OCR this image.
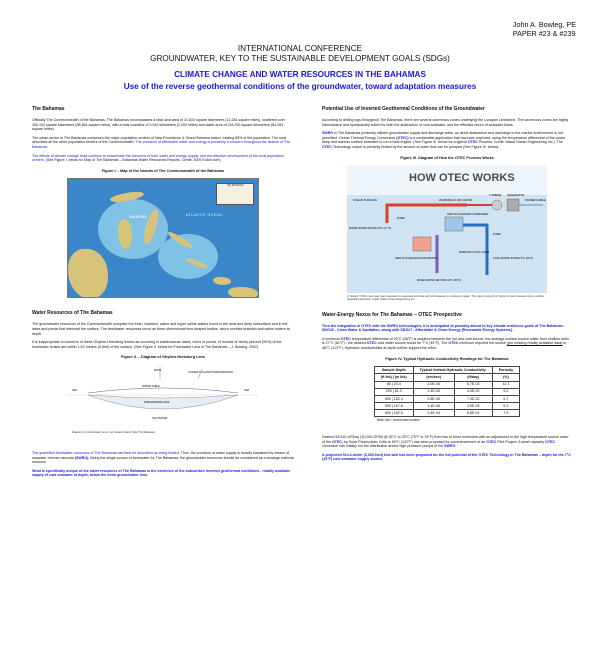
John A. Bowleg, PE
PAPER #23 & #239
INTERNATIONAL CONFERENCE
GROUNDWATER, KEY TO THE SUSTAINABLE DEVELOPMENT GOALS (SDGs)
CLIMATE CHANGE AND WATER RESOURCES IN THE BAHAMAS
Use of the reverse geothermal conditions of the groundwater, toward adaptation measures
The Bahamas

Officially The Commonwealth of the Bahamas, The Bahamas encompasses a total land area of 31,810 square kilometers (12,281 square miles), scattered over 250,102 square kilometers (96,564 square miles), with a total coastline of 3,542 kilometers (2,200 miles) and water area of 218,292 square kilometers (84,283 square miles).

The urban sector in The Bahamas comprises the major population centers of New Providence & Grand Bahama Island, totaling 85% of the population. The rural describes all the other population centers of the Commonwealth. The provision of affordable water and energy is presently a concern throughout the islands of The Bahamas.

The effects of climate change shall continue to exacerbate the concerns of both water and energy supply, and the effective development of the rural population centers. (See Figure I. below for Map of The Bahamas – Bahamas Water Resources Reports, Credit: 2009 Eolon.com).

Figure I. - Map of the Islands of The Commonwealth of the Bahamas
ATLANTIC OCEAN
NASSAU
THE BAHAMAS
Water Resources of The Bahamas

The groundwater resources of the Commonwealth comprise the fresh, brackish, saline and hyper saline waters found in the near and deep subsurface and in the lakes and ponds that intercept the surface. The freshwater resources occur as three-dimensional lens-shaped bodies, which overlies brackish and saline waters at depth.

It is inappropriate to conceive of these Ghyben-Hertzberg lenses as occurring in subterranean lakes, rivers or ponds. In excess of ninety percent (90%) of the freshwater lenses are within 1.52-meters (5-feet) of the surface. (See Figure II. below for Freshwater Lens in The Bahamas – J. Bowleg, 2002).

Figure II. – Diagram of Ghyben-Hertzberg Lens
RAIN
LOSSES TO EVAPOTRANSPIRATION
WATER TABLE
FRESHWATER LENS
SALTWATER
SEA	SEA
Diagram of a Freshwater Lens in an Oceanic Island (Like The Bahamas)

The quantified freshwater resources of The Bahamas can best be described as being limited. Thus, the provision of water supply is heavily sustained by means of seawater reverse osmosis (SWRO). Being the single source of freshwater for The Bahamas, the groundwater resources should be considered as a strategic national resource.

What is specifically unique of the water resources of The Bahamas is the existence of the subsurface inverted geothermal conditions - readily available supply of cold seawater at depth, below the fresh groundwater lens.

Potential Use of Inverted Geothermal Conditions of the Groundwater

According to drilling logs throughout The Bahamas, there are several cavernous zones underlying the Lucayan Limestone. The cavernous zones are highly transmissive and hydraulically suited for both the abstraction of cold seawater, and the effective return of seawater flows.

SWRO in The Bahamas presently utilizes groundwater supply and discharge wells, as direct abstraction and discharge to the marine environment is not permitted. Ocean Thermal Energy Conversion (OTEC) is a sustainable application that has been explored, using the temperature differential of the cooler deep and warmer surface seawater to run a heat engine. (See Figure III. below for a typical OTEC Process; Credit: Makai Ocean Engineering Inc.). The OTEC Technology output is primarily limited by the amount of water that can be pumped (See Figure IV. below).

Figure III. Diagram of How the OTEC Process Works
HOW OTEC WORKS
WORKING FLUID VAPOR
TURBINE GENERATOR
POWER CABLE
OCEAN SURFACE
HEAT EXCHANGER CONDENSER
WARM WATER INTAKE 25°C (77°F)
PUMP
PUMP
HEAT EXCHANGER EVAPORATOR
WORKING FLUID LIQUID
COLD WATER INTAKE 5°C (41°F)
MIXED WATER RETURN 16°C (61°F)
A "closed" OTEC cycle uses warm seawater to evaporate ammonia and cold seawater to condense it again. The vapor moving from higher to lower pressure spins a turbine, generating electricity. Credit: Makai Ocean Engineering Inc.
Water-Energy Nexus for The Bahamas – OTEC Prospective

Thru the integration of OTEC with the SWRO technologies, it is anticipated to possibly attend to key climate resilience goals of The Bahamas: SDG#6 - Clean Water & Sanitation, along with SDG#7 - Affordable & Clean Energy [Renewable Energy Systems].

A minimum OTEC temperature differential of 20°C (36°F) is required between the hot and cold source; the average surface source water from shallow wells is 27°C (81°F) - the desired OTEC cold water source would be 7°C (45°F). The OTEC minimum required hot source (per existing readily available data) is 48°C (113°F). Hydraulic conductivities at depth further support the effort.

Figure IV. Typical Hydraulic Conductivity Readings for The Bahamas
Sample Depth	Typical Vertical Hydraulic Conductivity		Porosity
(ft bls) | (m bls)	(cm/sec)	(ft/day)	(%)
80 | 24.4	2.0E-06	5.7E-03	12.1
200 | 61.0	1.4E-05	4.0E-02	9.2
500 | 152.4	2.8E-05	7.9E-02	6.7
550 | 167.6	1.4E-08	4.9E-05	6.3
600 | 182.9	2.4E-04	6.8E-01	7.9
Note: bls = below land surface

Desired 54,510-m³/Day (10,000-GPM) @ 26°C to 25°C (75°F to 78°F) from two to three boreholes with an adjustment to the high temperature source water of the OTEC, by Solar Photovoltaic Cells to 50°C (122°F) has been proposed for commencement of an OTEC Pilot Project. A small capacity OTEC Generator can initially run the distribution and/or high-pressure pumps of the SWRO.

A projected 914.4-meter (3,000-foot) test well has been proposed for the full potential of the OTEC Technology in The Bahamas – depth for the 7°C (45°F) cold seawater supply source.
